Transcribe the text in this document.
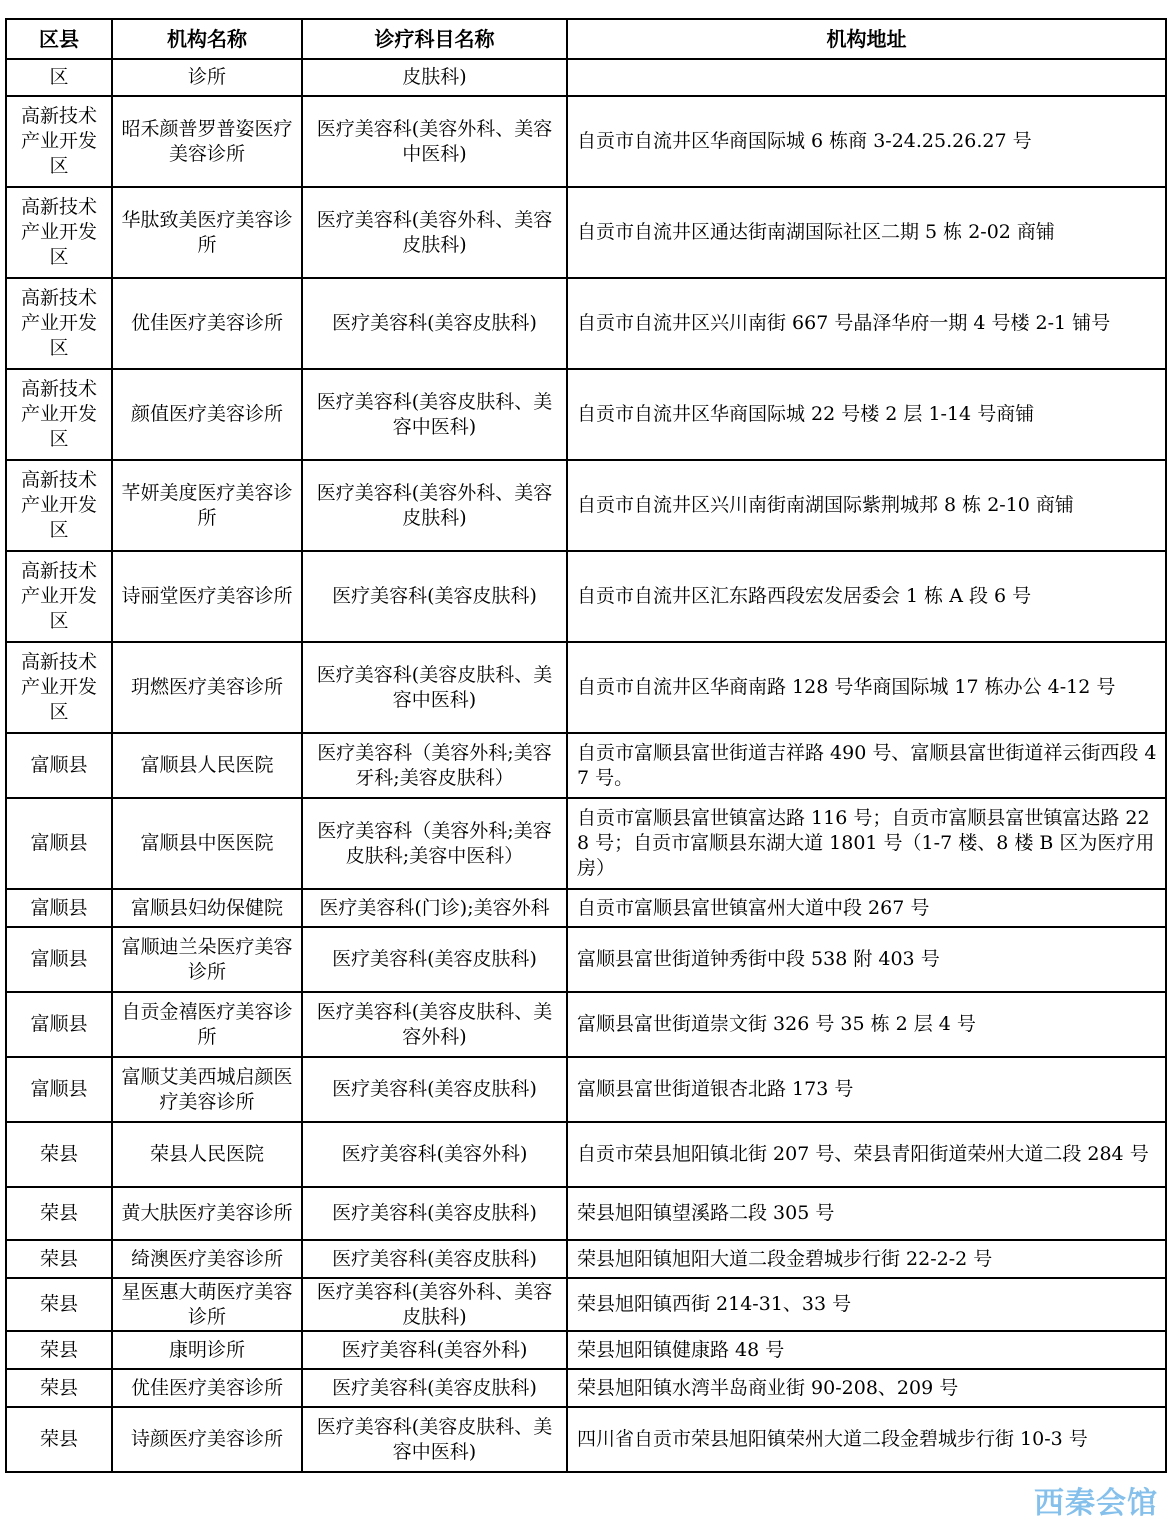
区县	机构名称	诊疗科目名称	机构地址
区	诊所	皮肤科)	
高新技术产业开发区	昭禾颜普罗普姿医疗美容诊所	医疗美容科(美容外科、美容中医科)	自贡市自流井区华商国际城 6 栋商 3-24.25.26.27 号
高新技术产业开发区	华肽致美医疗美容诊所	医疗美容科(美容外科、美容皮肤科)	自贡市自流井区通达街南湖国际社区二期 5 栋 2-02 商铺
高新技术产业开发区	优佳医疗美容诊所	医疗美容科(美容皮肤科)	自贡市自流井区兴川南街 667 号晶泽华府一期 4 号楼 2-1 铺号
高新技术产业开发区	颜值医疗美容诊所	医疗美容科(美容皮肤科、美容中医科)	自贡市自流井区华商国际城 22 号楼 2 层 1-14 号商铺
高新技术产业开发区	芊妍美度医疗美容诊所	医疗美容科(美容外科、美容皮肤科)	自贡市自流井区兴川南街南湖国际紫荆城邦 8 栋 2-10 商铺
高新技术产业开发区	诗丽堂医疗美容诊所	医疗美容科(美容皮肤科)	自贡市自流井区汇东路西段宏发居委会 1 栋 A 段 6 号
高新技术产业开发区	玥燃医疗美容诊所	医疗美容科(美容皮肤科、美容中医科)	自贡市自流井区华商南路 128 号华商国际城 17 栋办公 4-12 号
富顺县	富顺县人民医院	医疗美容科（美容外科;美容牙科;美容皮肤科）	自贡市富顺县富世街道吉祥路 490 号、富顺县富世街道祥云街西段 47 号。
富顺县	富顺县中医医院	医疗美容科（美容外科;美容皮肤科;美容中医科）	自贡市富顺县富世镇富达路 116 号；自贡市富顺县富世镇富达路 228 号；自贡市富顺县东湖大道 1801 号（1-7 楼、8 楼 B 区为医疗用房）
富顺县	富顺县妇幼保健院	医疗美容科(门诊);美容外科	自贡市富顺县富世镇富州大道中段 267 号
富顺县	富顺迪兰朵医疗美容诊所	医疗美容科(美容皮肤科)	富顺县富世街道钟秀街中段 538 附 403 号
富顺县	自贡金禧医疗美容诊所	医疗美容科(美容皮肤科、美容外科)	富顺县富世街道崇文街 326 号 35 栋 2 层 4 号
富顺县	富顺艾美西城启颜医疗美容诊所	医疗美容科(美容皮肤科)	富顺县富世街道银杏北路 173 号
荣县	荣县人民医院	医疗美容科(美容外科)	自贡市荣县旭阳镇北街 207 号、荣县青阳街道荣州大道二段 284 号
荣县	黄大肤医疗美容诊所	医疗美容科(美容皮肤科)	荣县旭阳镇望溪路二段 305 号
荣县	绮澳医疗美容诊所	医疗美容科(美容皮肤科)	荣县旭阳镇旭阳大道二段金碧城步行街 22-2-2 号
荣县	星医惠大萌医疗美容诊所	医疗美容科(美容外科、美容皮肤科)	荣县旭阳镇西街 214-31、33 号
荣县	康明诊所	医疗美容科(美容外科)	荣县旭阳镇健康路 48 号
荣县	优佳医疗美容诊所	医疗美容科(美容皮肤科)	荣县旭阳镇水湾半岛商业街 90-208、209 号
荣县	诗颜医疗美容诊所	医疗美容科(美容皮肤科、美容中医科)	四川省自贡市荣县旭阳镇荣州大道二段金碧城步行街 10-3 号
西秦会馆
